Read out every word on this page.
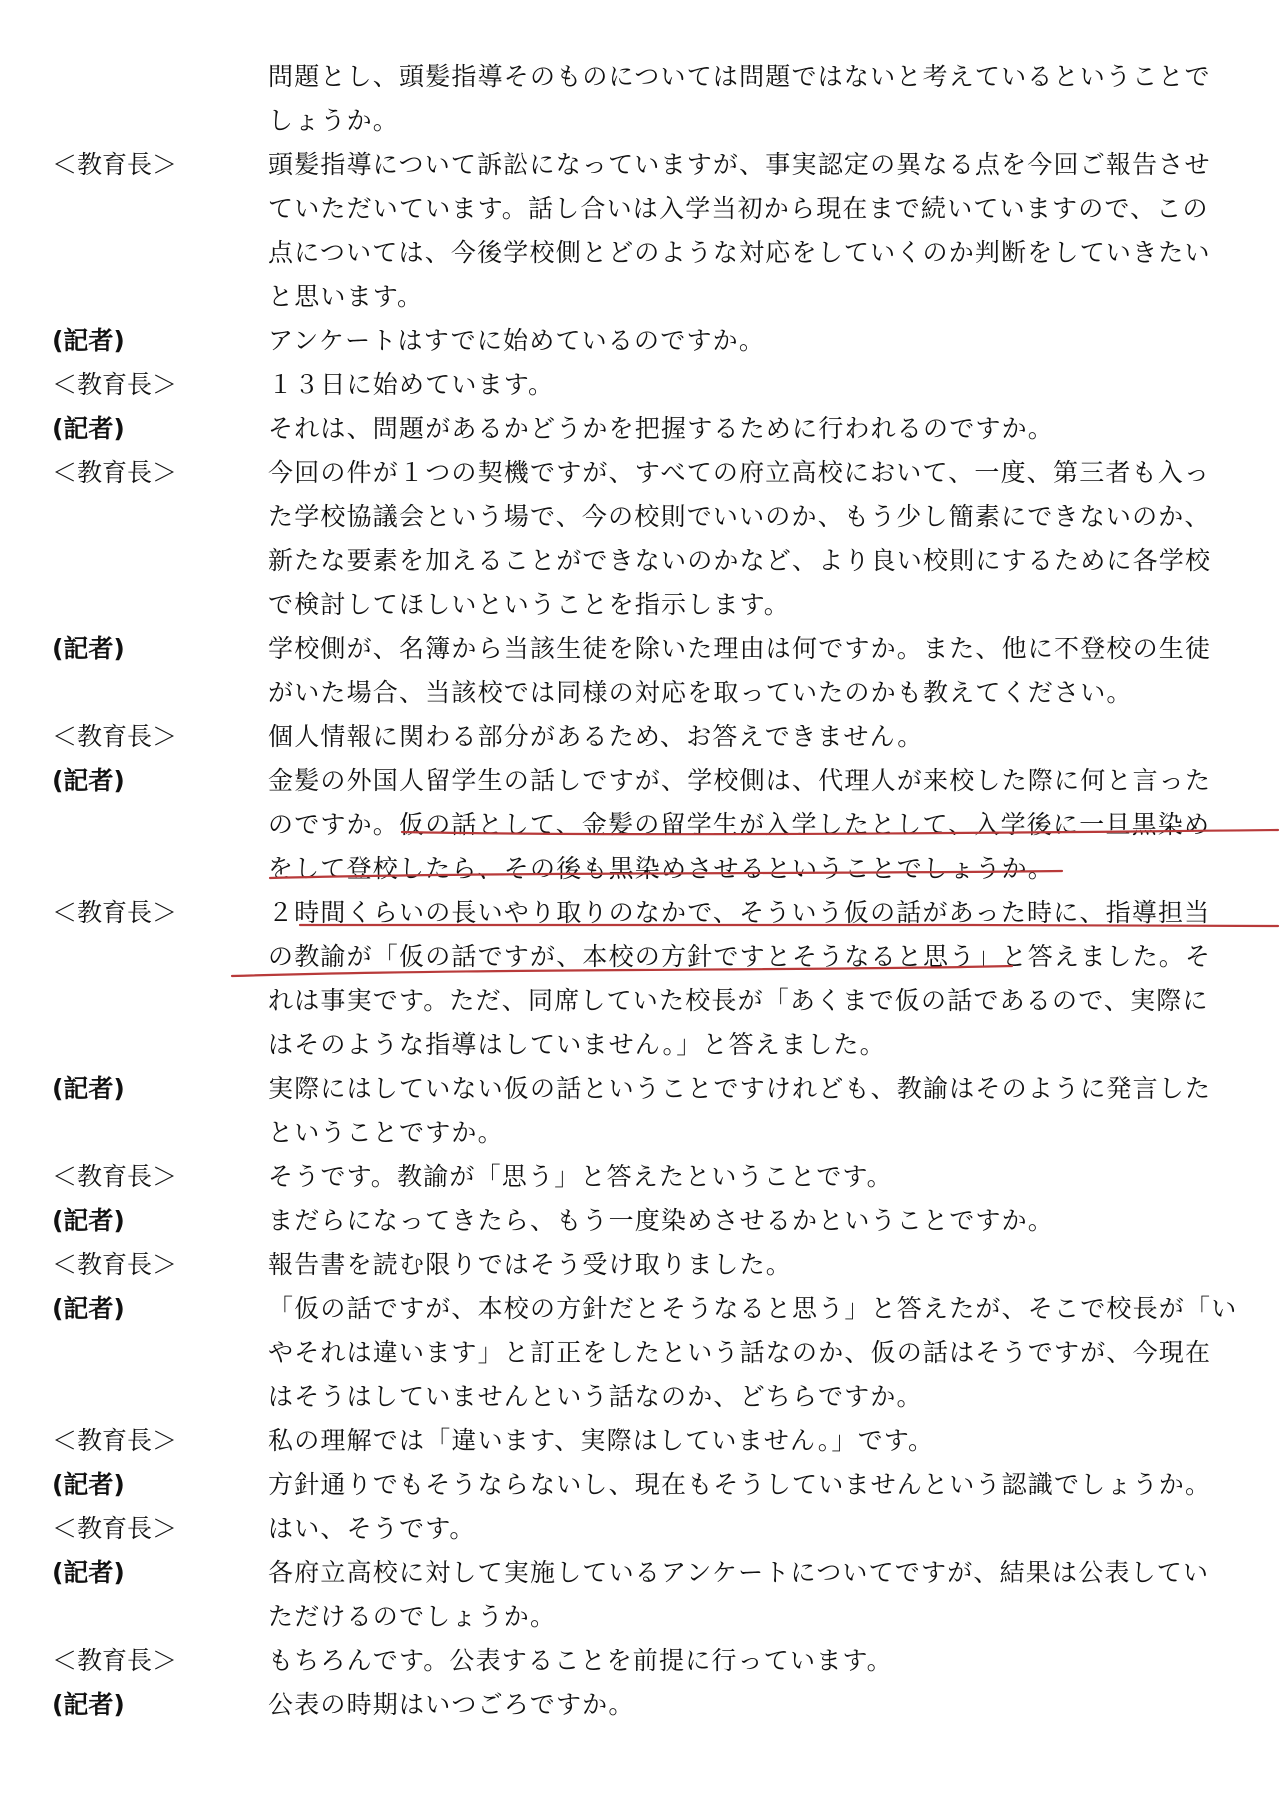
問題とし、頭髪指導そのものについては問題ではないと考えているということで
しょうか。
＜教育長＞	頭髪指導について訴訟になっていますが、事実認定の異なる点を今回ご報告させ
ていただいています。話し合いは入学当初から現在まで続いていますので、この
点については、今後学校側とどのような対応をしていくのか判断をしていきたい
と思います。
(記者)	アンケートはすでに始めているのですか。
＜教育長＞	１３日に始めています。
(記者)	それは、問題があるかどうかを把握するために行われるのですか。
＜教育長＞	今回の件が１つの契機ですが、すべての府立高校において、一度、第三者も入っ
た学校協議会という場で、今の校則でいいのか、もう少し簡素にできないのか、
新たな要素を加えることができないのかなど、より良い校則にするために各学校
で検討してほしいということを指示します。
(記者)	学校側が、名簿から当該生徒を除いた理由は何ですか。また、他に不登校の生徒
がいた場合、当該校では同様の対応を取っていたのかも教えてください。
＜教育長＞	個人情報に関わる部分があるため、お答えできません。
(記者)	金髪の外国人留学生の話しですが、学校側は、代理人が来校した際に何と言った
のですか。仮の話として、金髪の留学生が入学したとして、入学後に一旦黒染め
をして登校したら、その後も黒染めさせるということでしょうか。
＜教育長＞	２時間くらいの長いやり取りのなかで、そういう仮の話があった時に、指導担当
の教諭が「仮の話ですが、本校の方針ですとそうなると思う」と答えました。そ
れは事実です。ただ、同席していた校長が「あくまで仮の話であるので、実際に
はそのような指導はしていません。」と答えました。
(記者)	実際にはしていない仮の話ということですけれども、教諭はそのように発言した
ということですか。
＜教育長＞	そうです。教諭が「思う」と答えたということです。
(記者)	まだらになってきたら、もう一度染めさせるかということですか。
＜教育長＞	報告書を読む限りではそう受け取りました。
(記者)	「仮の話ですが、本校の方針だとそうなると思う」と答えたが、そこで校長が「い
やそれは違います」と訂正をしたという話なのか、仮の話はそうですが、今現在
はそうはしていませんという話なのか、どちらですか。
＜教育長＞	私の理解では「違います、実際はしていません。」です。
(記者)	方針通りでもそうならないし、現在もそうしていませんという認識でしょうか。
＜教育長＞	はい、そうです。
(記者)	各府立高校に対して実施しているアンケートについてですが、結果は公表してい
ただけるのでしょうか。
＜教育長＞	もちろんです。公表することを前提に行っています。
(記者)	公表の時期はいつごろですか。
